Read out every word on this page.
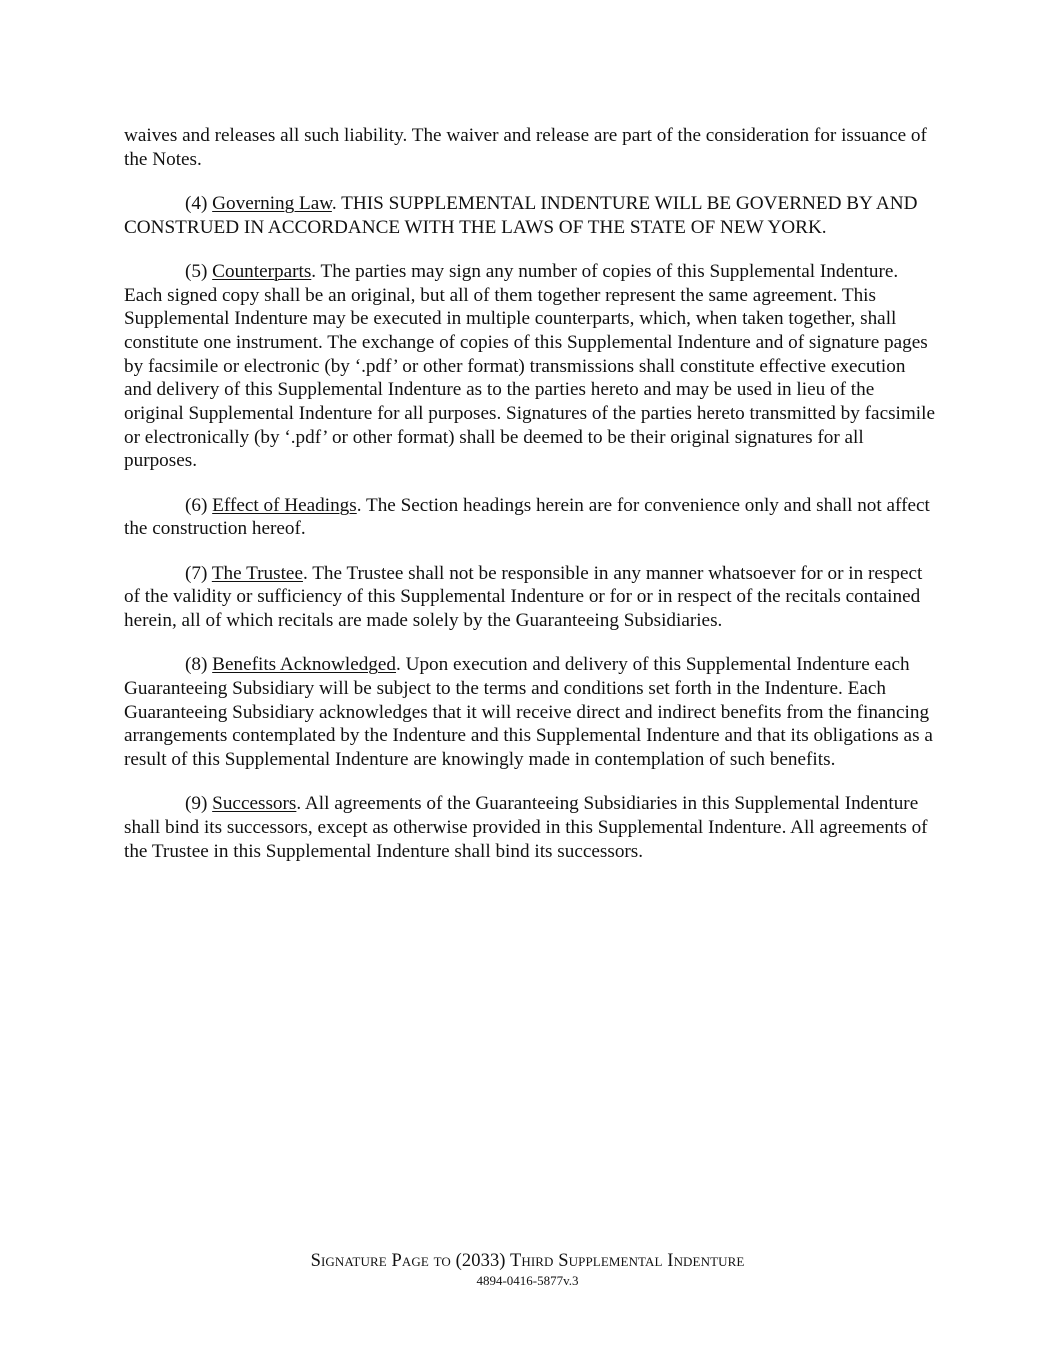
waives and releases all such liability. The waiver and release are part of the consideration for issuance of the Notes.

(4) Governing Law. THIS SUPPLEMENTAL INDENTURE WILL BE GOVERNED BY AND CONSTRUED IN ACCORDANCE WITH THE LAWS OF THE STATE OF NEW YORK.

(5) Counterparts. The parties may sign any number of copies of this Supplemental Indenture. Each signed copy shall be an original, but all of them together represent the same agreement. This Supplemental Indenture may be executed in multiple counterparts, which, when taken together, shall constitute one instrument. The exchange of copies of this Supplemental Indenture and of signature pages by facsimile or electronic (by ‘.pdf’ or other format) transmissions shall constitute effective execution and delivery of this Supplemental Indenture as to the parties hereto and may be used in lieu of the original Supplemental Indenture for all purposes. Signatures of the parties hereto transmitted by facsimile or electronically (by ‘.pdf’ or other format) shall be deemed to be their original signatures for all purposes.

(6) Effect of Headings. The Section headings herein are for convenience only and shall not affect the construction hereof.

(7) The Trustee. The Trustee shall not be responsible in any manner whatsoever for or in respect of the validity or sufficiency of this Supplemental Indenture or for or in respect of the recitals contained herein, all of which recitals are made solely by the Guaranteeing Subsidiaries.

(8) Benefits Acknowledged. Upon execution and delivery of this Supplemental Indenture each Guaranteeing Subsidiary will be subject to the terms and conditions set forth in the Indenture. Each Guaranteeing Subsidiary acknowledges that it will receive direct and indirect benefits from the financing arrangements contemplated by the Indenture and this Supplemental Indenture and that its obligations as a result of this Supplemental Indenture are knowingly made in contemplation of such benefits.

(9) Successors. All agreements of the Guaranteeing Subsidiaries in this Supplemental Indenture shall bind its successors, except as otherwise provided in this Supplemental Indenture. All agreements of the Trustee in this Supplemental Indenture shall bind its successors.

Signature Page to (2033) Third Supplemental Indenture
4894-0416-5877v.3
